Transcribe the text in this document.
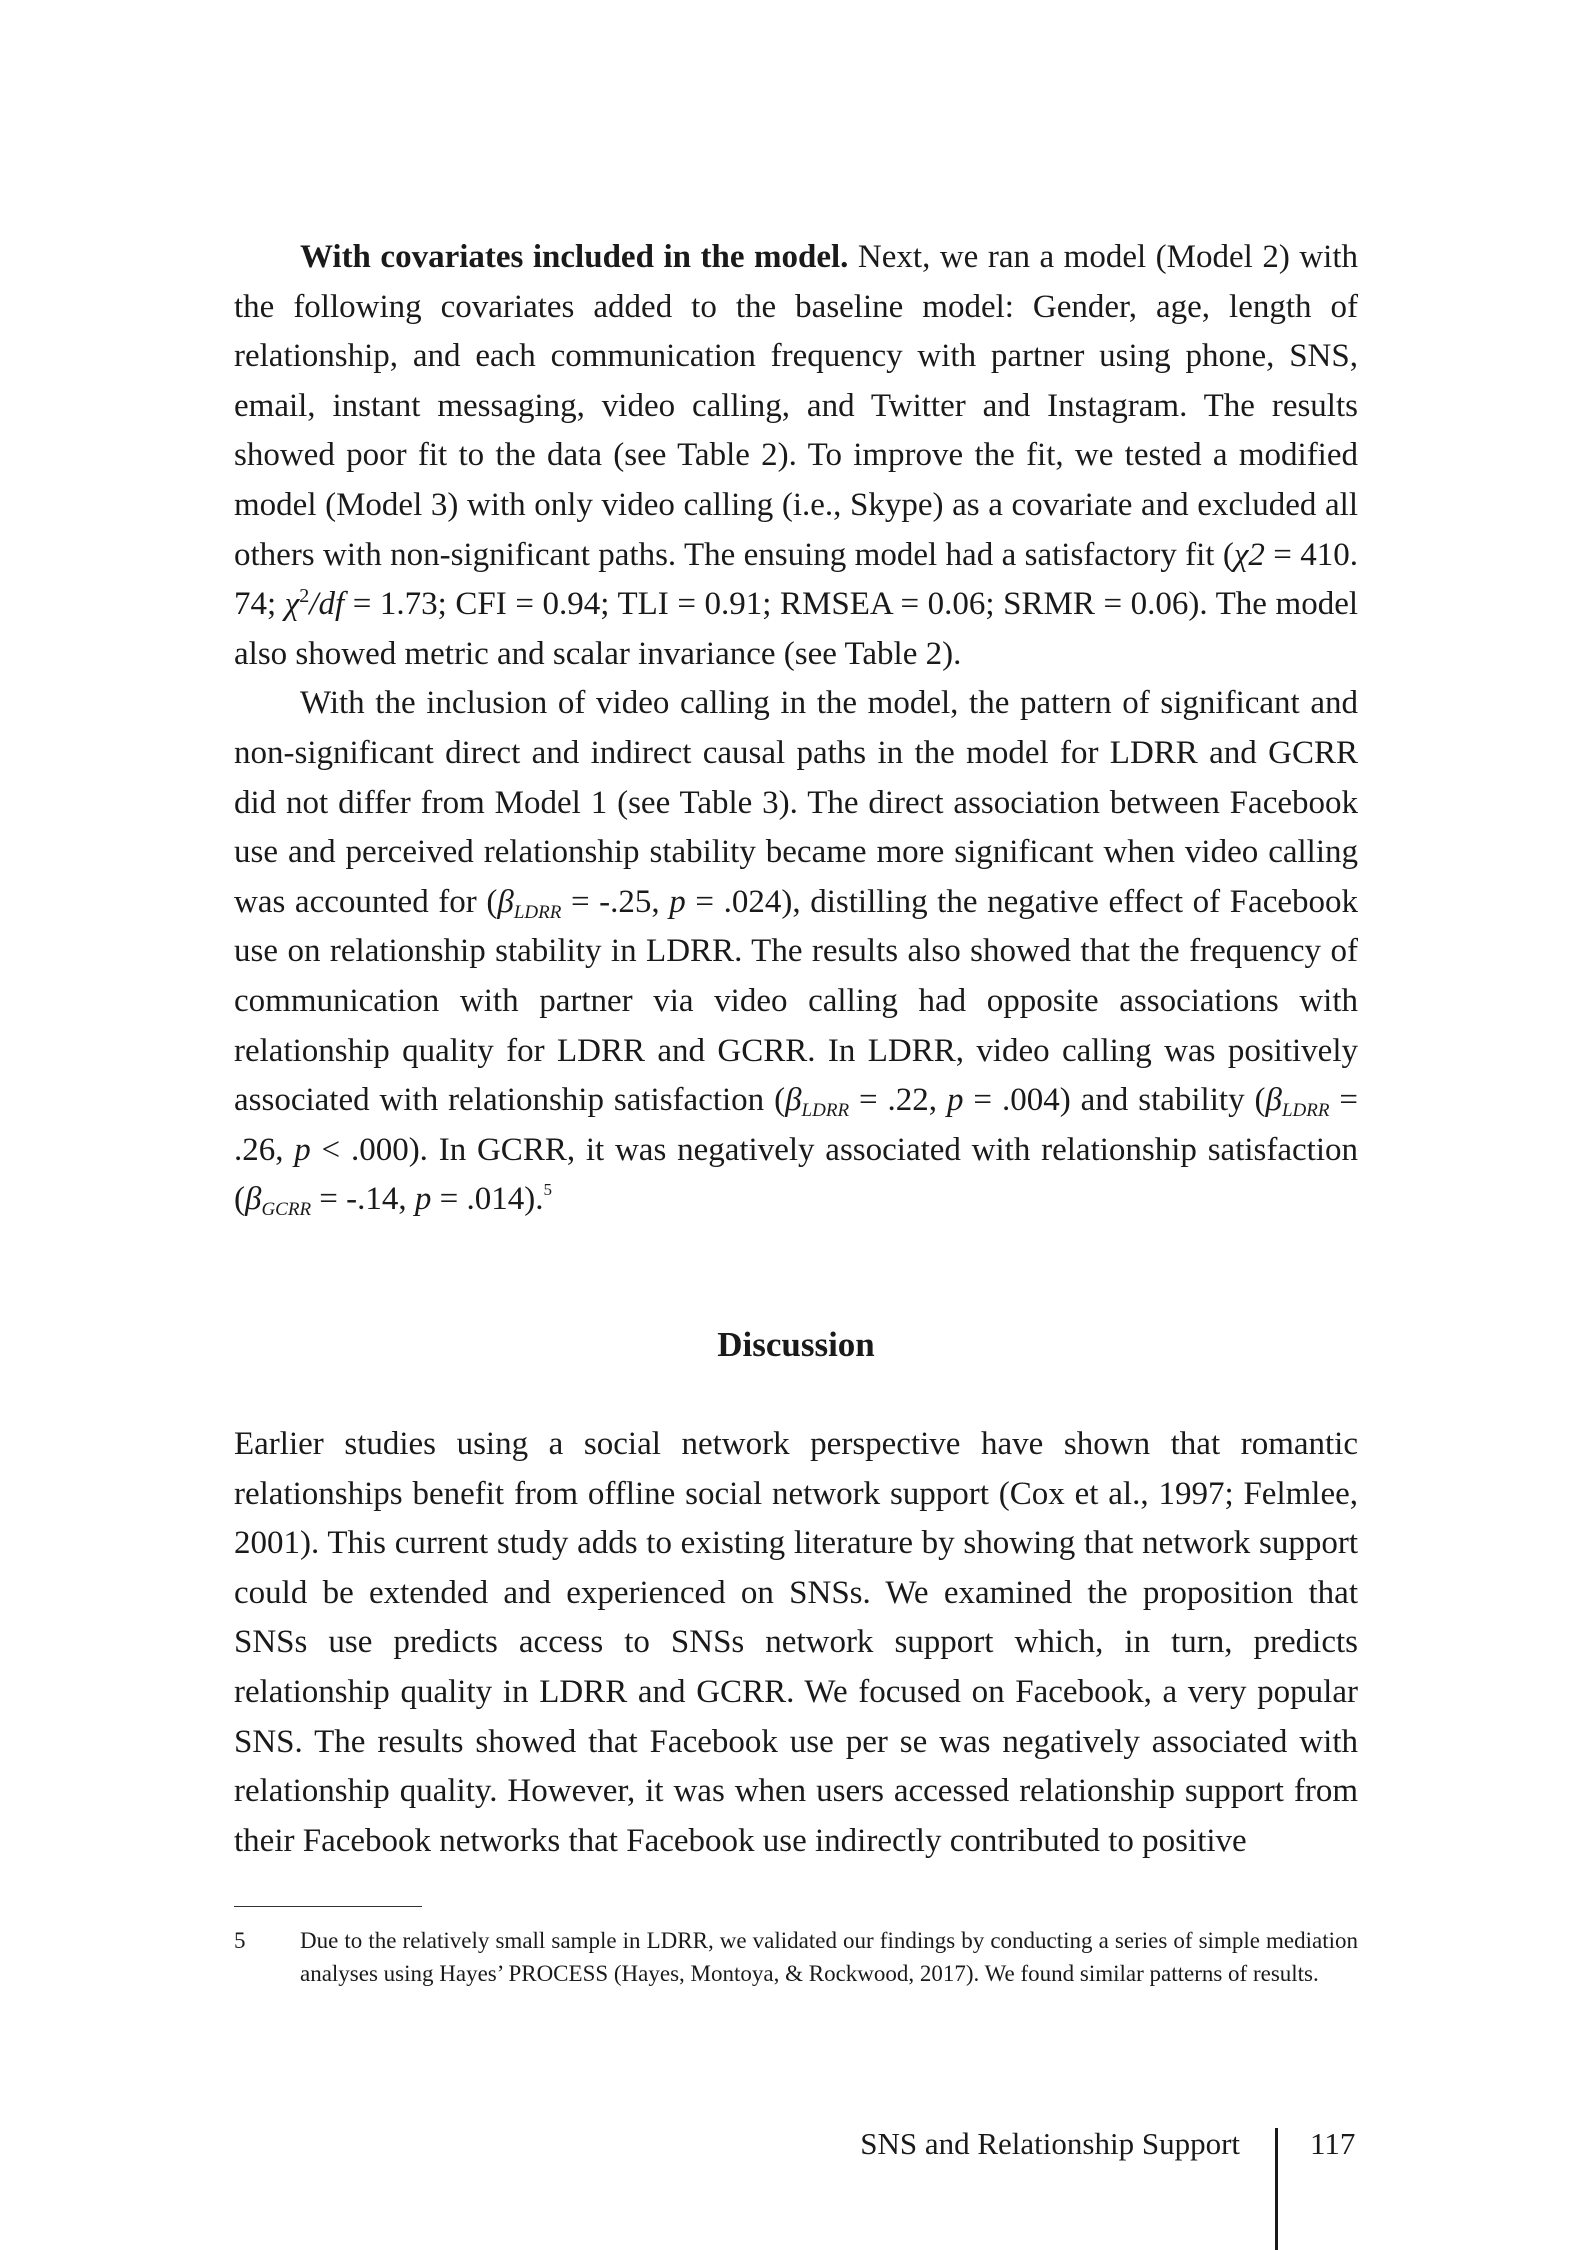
With covariates included in the model. Next, we ran a model (Model 2) with the following covariates added to the baseline model: Gender, age, length of relationship, and each communication frequency with partner using phone, SNS, email, instant messaging, video calling, and Twitter and Instagram. The results showed poor fit to the data (see Table 2). To improve the fit, we tested a modified model (Model 3) with only video calling (i.e., Skype) as a covariate and excluded all others with non-significant paths. The ensuing model had a satisfactory fit (χ2 = 410. 74; $\chi^2/df = 1.73$; CFI = 0.94; TLI = 0.91; RMSEA = 0.06; SRMR = 0.06). The model also showed metric and scalar invariance (see Table 2).

With the inclusion of video calling in the model, the pattern of significant and non-significant direct and indirect causal paths in the model for LDRR and GCRR did not differ from Model 1 (see Table 3). The direct association between Facebook use and perceived relationship stability became more significant when video calling was accounted for ($\beta_{LDRR} = -.25$, p = .024), distilling the negative effect of Facebook use on relationship stability in LDRR. The results also showed that the frequency of communication with partner via video calling had opposite associations with relationship quality for LDRR and GCRR. In LDRR, video calling was positively associated with relationship satisfaction ($\beta_{LDRR} = .22$, p = .004) and stability ($\beta_{LDRR} = .26$, p < .000). In GCRR, it was negatively associated with relationship satisfaction ($\beta_{GCRR} = -.14$, p = .014).$^5$

Discussion

Earlier studies using a social network perspective have shown that romantic relationships benefit from offline social network support (Cox et al., 1997; Felmlee, 2001). This current study adds to existing literature by showing that network support could be extended and experienced on SNSs. We examined the proposition that SNSs use predicts access to SNSs network support which, in turn, predicts relationship quality in LDRR and GCRR. We focused on Facebook, a very popular SNS. The results showed that Facebook use per se was negatively associated with relationship quality. However, it was when users accessed relationship support from their Facebook networks that Facebook use indirectly contributed to positive

5 Due to the relatively small sample in LDRR, we validated our findings by conducting a series of simple mediation analyses using Hayes’ PROCESS (Hayes, Montoya, & Rockwood, 2017). We found similar patterns of results.
SNS and Relationship Support 117
